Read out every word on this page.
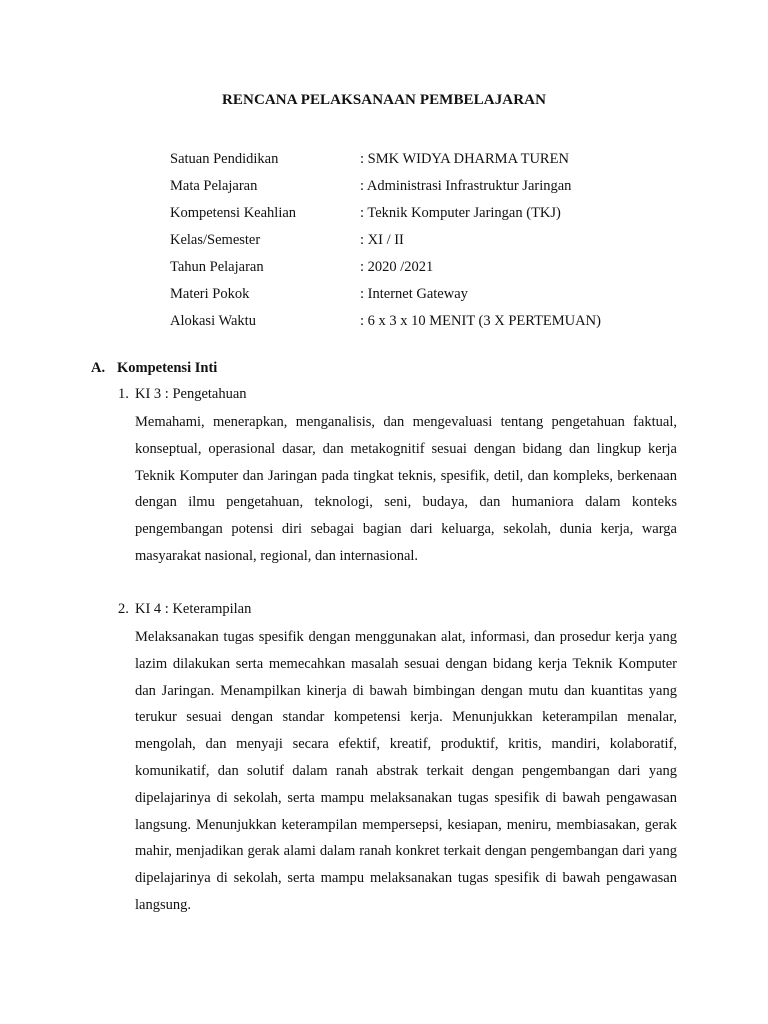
RENCANA PELAKSANAAN PEMBELAJARAN
Satuan Pendidikan	: SMK WIDYA DHARMA TUREN
Mata Pelajaran	: Administrasi Infrastruktur Jaringan
Kompetensi Keahlian	: Teknik Komputer Jaringan (TKJ)
Kelas/Semester	: XI / II
Tahun Pelajaran	: 2020 /2021
Materi Pokok	: Internet Gateway
Alokasi Waktu	: 6 x 3 x 10 MENIT (3 X PERTEMUAN)
A. Kompetensi Inti
1. KI 3 : Pengetahuan

Memahami, menerapkan, menganalisis, dan mengevaluasi tentang pengetahuan faktual, konseptual, operasional dasar, dan metakognitif sesuai dengan bidang dan lingkup kerja Teknik Komputer dan Jaringan pada tingkat teknis, spesifik, detil, dan kompleks, berkenaan dengan ilmu pengetahuan, teknologi, seni, budaya, dan humaniora dalam konteks pengembangan potensi diri sebagai bagian dari keluarga, sekolah, dunia kerja, warga masyarakat nasional, regional, dan internasional.

2. KI 4 : Keterampilan

Melaksanakan tugas spesifik dengan menggunakan alat, informasi, dan prosedur kerja yang lazim dilakukan serta memecahkan masalah sesuai dengan bidang kerja Teknik Komputer dan Jaringan. Menampilkan kinerja di bawah bimbingan dengan mutu dan kuantitas yang terukur sesuai dengan standar kompetensi kerja. Menunjukkan keterampilan menalar, mengolah, dan menyaji secara efektif, kreatif, produktif, kritis, mandiri, kolaboratif, komunikatif, dan solutif dalam ranah abstrak terkait dengan pengembangan dari yang dipelajarinya di sekolah, serta mampu melaksanakan tugas spesifik di bawah pengawasan langsung. Menunjukkan keterampilan mempersepsi, kesiapan, meniru, membiasakan, gerak mahir, menjadikan gerak alami dalam ranah konkret terkait dengan pengembangan dari yang dipelajarinya di sekolah, serta mampu melaksanakan tugas spesifik di bawah pengawasan langsung.
